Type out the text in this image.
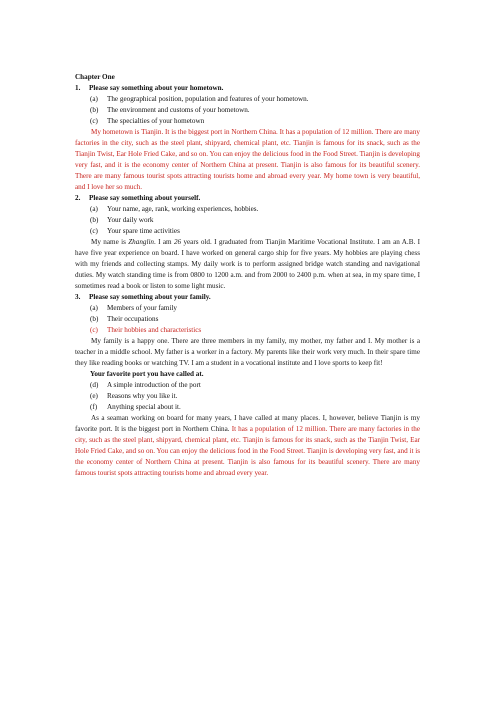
Chapter One
1.	Please say something about your hometown.
(a)	The geographical position, population and features of your hometown.
(b)	The environment and customs of your hometown.
(c)	The specialties of your hometown
My hometown is Tianjin. It is the biggest port in Northern China. It has a population of 12 million. There are many factories in the city, such as the steel plant, shipyard, chemical plant, etc. Tianjin is famous for its snack, such as the Tianjin Twist, Ear Hole Fried Cake, and so on. You can enjoy the delicious food in the Food Street. Tianjin is developing very fast, and it is the economy center of Northern China at present. Tianjin is also famous for its beautiful scenery. There are many famous tourist spots attracting tourists home and abroad every year. My home town is very beautiful, and I love her so much.
2.	Please say something about yourself.
(a)	Your name, age, rank, working experiences, hobbies.
(b)	Your daily work
(c)	Your spare time activities
My name is Zhanglin. I am 26 years old. I graduated from Tianjin Maritime Vocational Institute. I am an A.B. I have five year experience on board. I have worked on general cargo ship for five years. My hobbies are playing chess with my friends and collecting stamps. My daily work is to perform assigned bridge watch standing and navigational duties. My watch standing time is from 0800 to 1200 a.m. and from 2000 to 2400 p.m. when at sea, in my spare time, I sometimes read a book or listen to some light music.
3.	Please say something about your family.
(a)	Members of your family
(b)	Their occupations
(c)	Their hobbies and characteristics
My family is a happy one. There are three members in my family, my mother, my father and I. My mother is a teacher in a middle school. My father is a worker in a factory. My parents like their work very much. In their spare time they like reading books or watching TV. I am a student in a vocational institute and I love sports to keep fit!
Your favorite port you have called at.
(d)	A simple introduction of the port
(e)	Reasons why you like it.
(f)	Anything special about it.
As a seaman working on board for many years, I have called at many places. I, however, believe Tianjin is my favorite port. It is the biggest port in Northern China. It has a population of 12 million. There are many factories in the city, such as the steel plant, shipyard, chemical plant, etc. Tianjin is famous for its snack, such as the Tianjin Twist, Ear Hole Fried Cake, and so on. You can enjoy the delicious food in the Food Street. Tianjin is developing very fast, and it is the economy center of Northern China at present. Tianjin is also famous for its beautiful scenery. There are many famous tourist spots attracting tourists home and abroad every year.
